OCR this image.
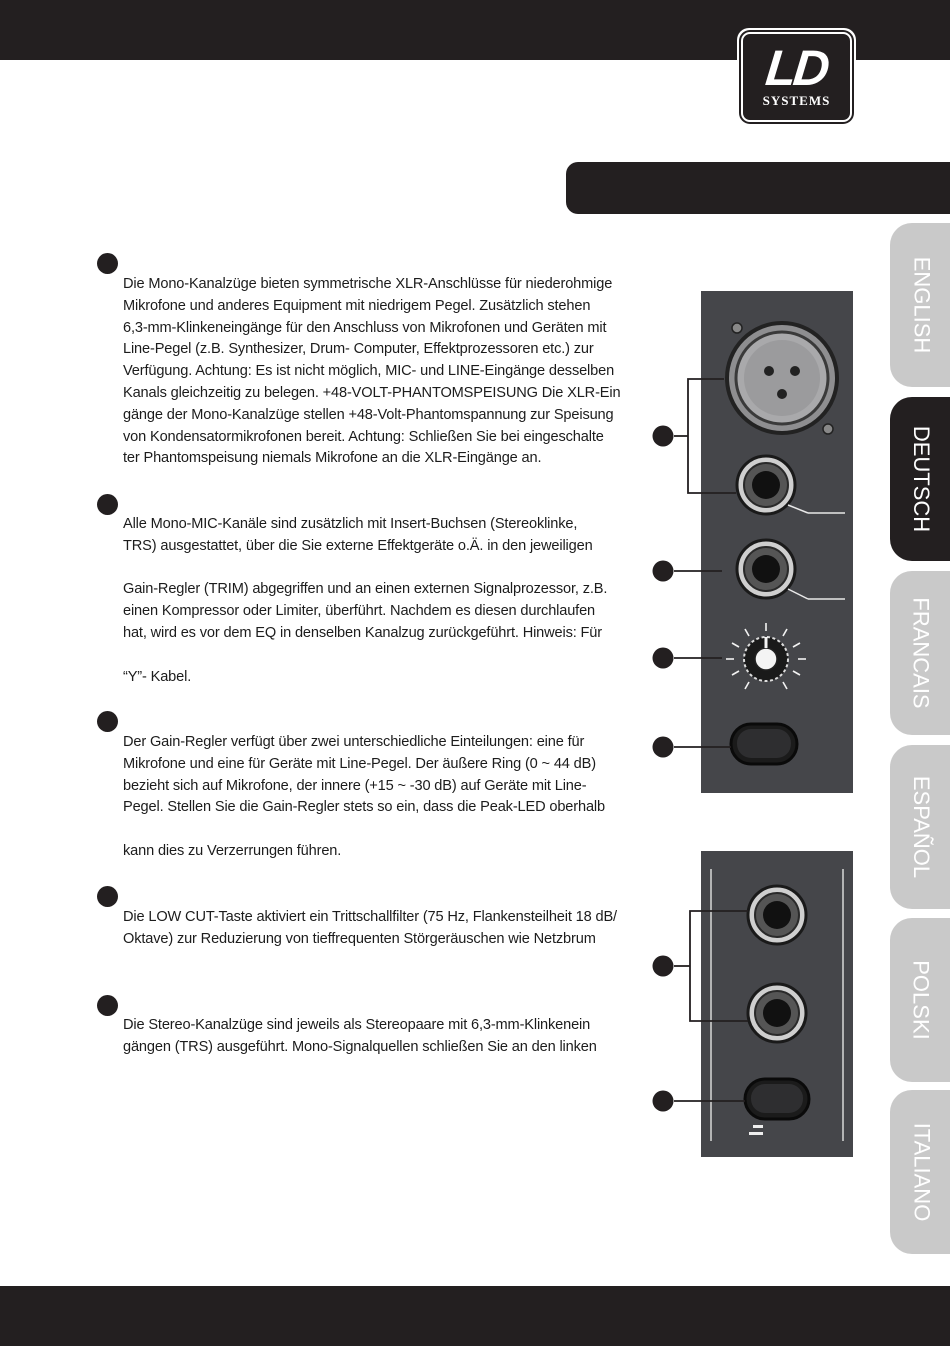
LD
SYSTEMS
Die Mono-Kanalzüge bieten symmetrische XLR-Anschlüsse für niederohmige
Mikrofone und anderes Equipment mit niedrigem Pegel. Zusätzlich stehen
6,3-mm-Klinkeneingänge für den Anschluss von Mikrofonen und Geräten mit
Line-Pegel (z.B. Synthesizer, Drum- Computer, Effektprozessoren etc.) zur
Verfügung. Achtung: Es ist nicht möglich, MIC- und LINE-Eingänge desselben
Kanals gleichzeitig zu belegen. +48-VOLT-PHANTOMSPEISUNG Die XLR-Ein
gänge der Mono-Kanalzüge stellen +48-Volt-Phantomspannung zur Speisung
von Kondensatormikrofonen bereit. Achtung: Schließen Sie bei eingeschalte
ter Phantomspeisung niemals Mikrofone an die XLR-Eingänge an.
Alle Mono-MIC-Kanäle sind zusätzlich mit Insert-Buchsen (Stereoklinke,
TRS) ausgestattet, über die Sie externe Effektgeräte o.Ä. in den jeweiligen
Gain-Regler (TRIM) abgegriffen und an einen externen Signalprozessor, z.B.
einen Kompressor oder Limiter, überführt. Nachdem es diesen durchlaufen
hat, wird es vor dem EQ in denselben Kanalzug zurückgeführt. Hinweis: Für
“Y”- Kabel.
Der Gain-Regler verfügt über zwei unterschiedliche Einteilungen: eine für
Mikrofone und eine für Geräte mit Line-Pegel. Der äußere Ring (0 ~ 44 dB)
bezieht sich auf Mikrofone, der innere (+15 ~ -30 dB) auf Geräte mit Line-
Pegel. Stellen Sie die Gain-Regler stets so ein, dass die Peak-LED oberhalb
kann dies zu Verzerrungen führen.
Die LOW CUT-Taste aktiviert ein Trittschallfilter (75 Hz, Flankensteilheit 18 dB/
Oktave) zur Reduzierung von tieffrequenten Störgeräuschen wie Netzbrum
Die Stereo-Kanalzüge sind jeweils als Stereopaare mit 6,3-mm-Klinkenein
gängen (TRS) ausgeführt. Mono-Signalquellen schließen Sie an den linken
ENGLISH
DEUTSCH
FRANCAIS
ESPAÑOL
POLSKI
ITALIANO
